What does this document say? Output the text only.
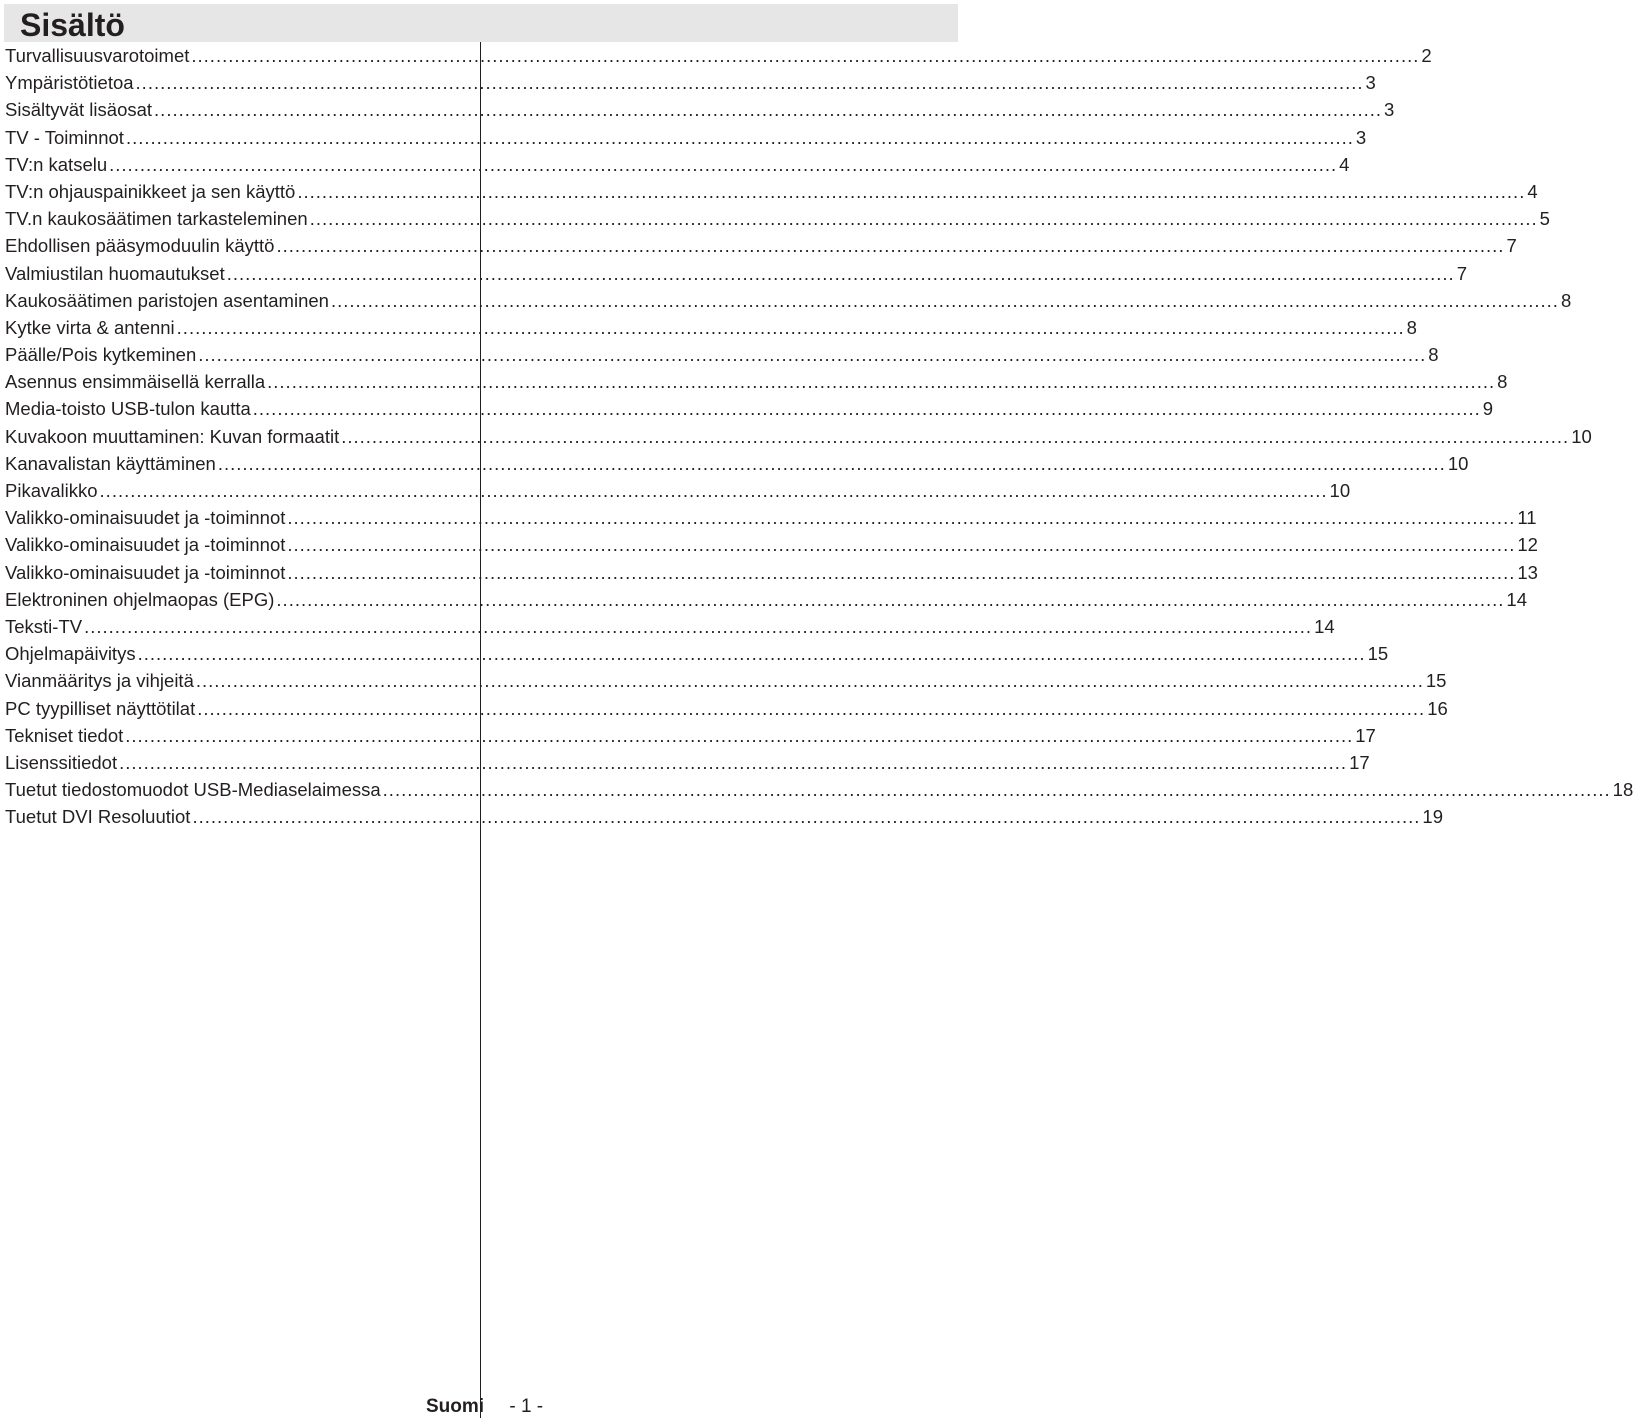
Sisältö
Turvallisuusvarotoimet ........................................................................................................................................................................................................ 2
Ympäristötietoa ........................................................................................................................................................................................................ 3
Sisältyvät lisäosat ........................................................................................................................................................................................................ 3
TV - Toiminnot ........................................................................................................................................................................................................ 3
TV:n katselu ........................................................................................................................................................................................................ 4
TV:n ohjauspainikkeet ja sen käyttö ........................................................................................................................................................................................................ 4
TV.n kaukosäätimen tarkasteleminen ........................................................................................................................................................................................................ 5
Ehdollisen pääsymoduulin käyttö ........................................................................................................................................................................................................ 7
Valmiustilan huomautukset ........................................................................................................................................................................................................ 7
Kaukosäätimen paristojen asentaminen ........................................................................................................................................................................................................ 8
Kytke virta & antenni ........................................................................................................................................................................................................ 8
Päälle/Pois kytkeminen ........................................................................................................................................................................................................ 8
Asennus ensimmäisellä kerralla ........................................................................................................................................................................................................ 8
Media-toisto USB-tulon kautta ........................................................................................................................................................................................................ 9
Kuvakoon muuttaminen: Kuvan formaatit ........................................................................................................................................................................................................ 10
Kanavalistan käyttäminen ........................................................................................................................................................................................................ 10
Pikavalikko ........................................................................................................................................................................................................ 10
Valikko-ominaisuudet ja -toiminnot ........................................................................................................................................................................................................ 11
Valikko-ominaisuudet ja -toiminnot ........................................................................................................................................................................................................ 12
Valikko-ominaisuudet ja -toiminnot ........................................................................................................................................................................................................ 13
Elektroninen ohjelmaopas (EPG) ........................................................................................................................................................................................................ 14
Teksti-TV ........................................................................................................................................................................................................ 14
Ohjelmapäivitys ........................................................................................................................................................................................................ 15
Vianmääritys ja vihjeitä ........................................................................................................................................................................................................ 15
PC tyypilliset näyttötilat ........................................................................................................................................................................................................ 16
Tekniset tiedot ........................................................................................................................................................................................................ 17
Lisenssitiedot ........................................................................................................................................................................................................ 17
Tuetut tiedostomuodot USB-Mediaselaimessa ........................................................................................................................................................................................................ 18
Tuetut DVI Resoluutiot ........................................................................................................................................................................................................ 19
Suomi - 1 -
